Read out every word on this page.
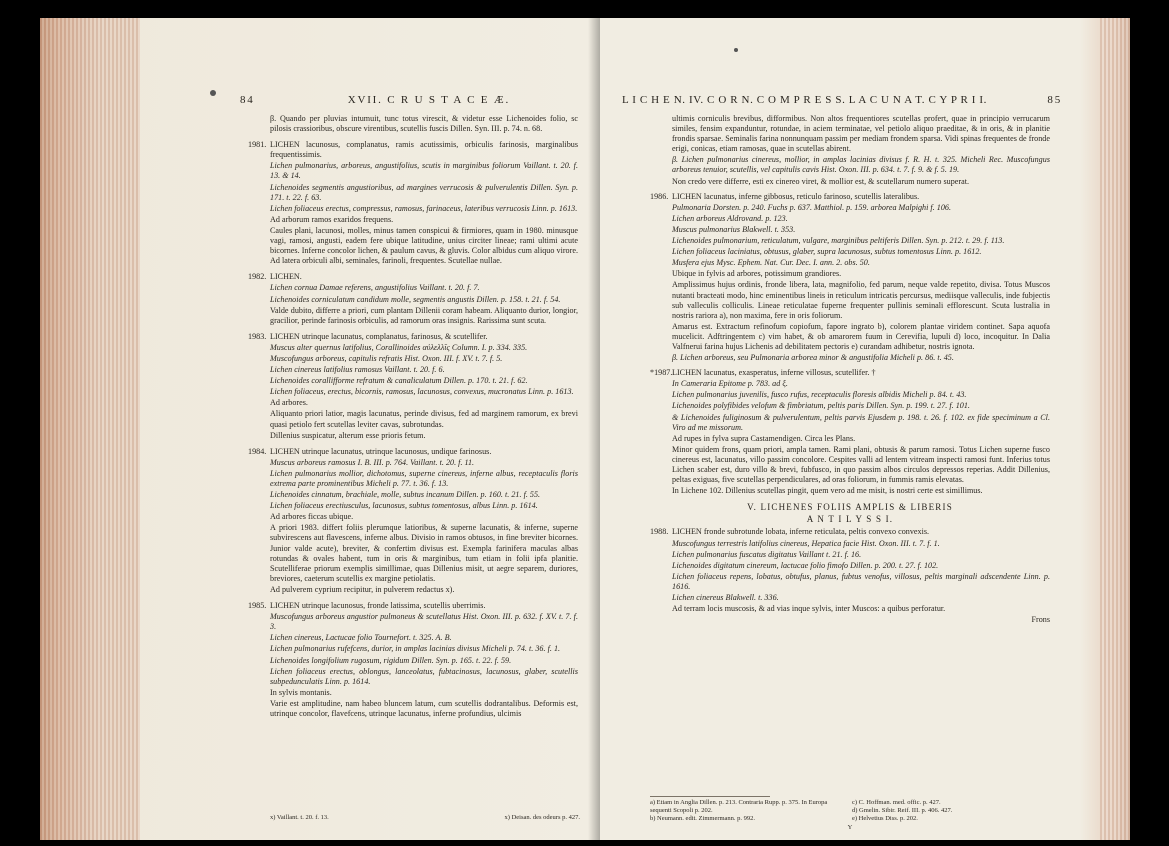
84	XVII. C R U S T A C E Æ.

β. Quando per pluvias intumuit, tunc totus virescit, & videtur esse Lichenoides folio, sc pilosis crassioribus, obscure virentibus, scutellis fuscis Dillen. Syn. III. p. 74. n. 68.

1981. LICHEN lacunosus, complanatus, ramis acutissimis, orbiculis farinosis, marginalibus frequentissimis.

Lichen pulmonarius, arboreus, angustifolius, scutis in marginibus foliorum Vaillant. t. 20. f. 13. & 14.

Lichenoides segmentis angustioribus, ad margines verrucosis & pulverulentis Dillen. Syn. p. 171. t. 22. f. 63.

Lichen foliaceus erectus, compressus, ramosus, farinaceus, lateribus verrucosis Linn. p. 1613.

Ad arborum ramos exaridos frequens.

Caules plani, lacunosi, molles, minus tamen conspicui & firmiores, quam in 1980. minusque vagi, ramosi, angusti, eadem fere ubique latitudine, unius circiter lineae; rami ultimi acute bicornes. Inferne concolor lichen, & paulum cavus, & gluvis. Color albidus cum aliquo virore. Ad latera orbiculi albi, seminales, farinoli, frequentes. Scutellae nullae.

1982. LICHEN.

Lichen cornua Damae referens, angustifolius Vaillant. t. 20. f. 7.

Lichenoides corniculatum candidum molle, segmentis angustis Dillen. p. 158. t. 21. f. 54.

Valde dubito, differre a priori, cum plantam Dillenii coram habeam. Aliquanto durior, longior, gracilior, perinde farinosis orbiculis, ad ramorum oras insignis. Rarissima sunt scuta.

1983. LICHEN utrinque lacunatus, complanatus, farinosus, & scutellifer.

Muscus alter quernus latifolius, Corallinoides αὐλελλῖς Column. I. p. 334. 335.

Muscofungus arboreus, capitulis refratis Hist. Oxon. III. f. XV. t. 7. f. 5.

Lichen cinereus latifolius ramosus Vaillant. t. 20. f. 6.

Lichenoides corallifforme refratum & canaliculatum Dillen. p. 170. t. 21. f. 62.

Lichen foliaceus, erectus, bicornis, ramosus, lacunosus, convexus, mucronatus Linn. p. 1613.

Ad arbores.

Aliquanto priori latior, magis lacunatus, perinde divisus, fed ad marginem ramorum, ex brevi quasi petiolo fert scutellas leviter cavas, subrotundas.

Dillenius suspicatur, alterum esse prioris fetum.

1984. LICHEN utrinque lacunatus, utrinque lacunosus, undique farinosus.

Muscus arboreus ramosus I. B. III. p. 764. Vaillant. t. 20. f. 11.

Lichen pulmonarius mollior, dichotomus, superne cinereus, inferne albus, receptaculis floris extrema parte prominentibus Micheli p. 77. t. 36. f. 13.

Lichenoides cinnatum, brachiale, molle, subtus incanum Dillen. p. 160. t. 21. f. 55.

Lichen foliaceus erectiusculus, lacunosus, subtus tomentosus, albus Linn. p. 1614.

Ad arbores ficcas ubique.

A priori 1983. differt foliis plerumque latioribus, & superne lacunatis, & inferne, superne subvirescens aut flavescens, inferne albus. Divisio in ramos obtusos, in fine breviter bicornes. Junior valde acute), breviter, & confertim divisus est. Exempla farinifera maculas albas rotundas & ovales habent, tum in oris & marginibus, tum etiam in folii ipfa planitie. Scutelliferae priorum exemplis simillimae, quas Dillenius misit, ut aegre separem, duriores, breviores, caeterum scutellis ex margine petiolatis.

Ad pulverem cyprium recipitur, in pulverem redactus x).

1985. LICHEN utrinque lacunosus, fronde latissima, scutellis uberrimis.

Muscofungus arboreus angustior pulmoneus & scutellatus Hist. Oxon. III. p. 632. f. XV. t. 7. f. 3.

Lichen cinereus, Lactucae folio Tournefort. t. 325. A. B.

Lichen pulmonarius rufefcens, durior, in amplas lacinias divisus Micheli p. 74. t. 36. f. 1.

Lichenoides longifolium rugosum, rigidum Dillen. Syn. p. 165. t. 22. f. 59.

Lichen foliaceus erectus, oblongus, lanceolatus, fubtacinosus, lacunosus, glaber, scutellis subpedunculatis Linn. p. 1614.

In sylvis montanis.

Varie est amplitudine, nam habeo bluncem latum, cum scutellis dodrantalibus. Deformis est, utrinque concolor, flavefcens, utrinque lacunatus, inferne profundius, ulcimis

x) Vaillant. t. 20. f. 13.	x) Deisan. des odeurs p. 427.
L I C H E N. IV. C O R N. C O M P R E S S. L A C U N A T. C Y P R I I.	85

ultimis corniculis brevibus, difformibus. Non altos frequentiores scutellas profert, quae in principio verrucarum similes, fensim expanduntur, rotundae, in aciem terminatae, vel petiolo aliquo praeditae, & in oris, & in planitie frondis sparsae. Seminalis farina nonnunquam passim per mediam frondem sparsa. Vidi spinas frequentes de fronde erigi, conicas, etiam ramosas, quae in scutellas abirent.

β. Lichen pulmonarius cinereus, mollior, in amplas lacinias divisus f. R. H. t. 325. Micheli Rec. Muscofungus arboreus tenuior, scutellis, vel capitulis cavis Hist. Oxon. III. p. 634. t. 7. f. 9. & f. 5. 19.

Non credo vere differre, esti ex cinereo viret, & mollior est, & scutellarum numero superat.

1986. LICHEN lacunatus, inferne gibbosus, reticulo farinoso, scutellis lateralibus.

Pulmonaria Dorsten. p. 240. Fuchs p. 637. Matthiol. p. 159. arborea Malpighi f. 106.

Lichen arboreus Aldrovand. p. 123.

Muscus pulmonarius Blakwell. t. 353.

Lichenoides pulmonarium, reticulatum, vulgare, marginibus peltiferis Dillen. Syn. p. 212. t. 29. f. 113.

Lichen foliaceus laciniatus, obtusus, glaber, supra lacunosus, subtus tomentosus Linn. p. 1612.

Musfera ejus Mysc. Ephem. Nat. Cur. Dec. I. ann. 2. obs. 50.

Ubique in fylvis ad arbores, potissimum grandiores.

Amplissimus hujus ordinis, fronde libera, lata, magnifolio, fed parum, neque valde repetito, divisa. Totus Muscos nutanti bracteati modo, hinc eminentibus lineis in reticulum intricatis percursus, mediisque valleculis, inde fubjectis sub valleculis colliculis. Lineae reticulatae fuperne frequenter pullinis seminali efflorescunt. Scuta lustralia in nostris rariora a), non maxima, fere in oris foliorum.

Amarus est. Extractum refinofum copiofum, fapore ingrato b), colorem plantae viridem continet. Sapa aquofa mucelicit. Adftringentem c) vim habet, & ob amarorem fuum in Cerevifia, lupuli d) loco, incoquitur. In Dalia Valfnerui farina hujus Lichenis ad debilitatem pectoris e) curandam adhibetur, nostris ignota.

β. Lichen arboreus, seu Pulmonaria arborea minor & angustifolia Micheli p. 86. t. 45.

*1987.LICHEN lacunatus, exasperatus, inferne villosus, scutellifer. †

In Cameraria Epitome p. 783. ad ξ.

Lichen pulmonarius juvenilis, fusco rufus, receptaculis floresis albidis Micheli p. 84. t. 43.

Lichenoides polyfibides velofum & fimbriatum, peltis paris Dillen. Syn. p. 199. t. 27. f. 101.

& Lichenoides fuliginosum & pulverulentum, peltis parvis Ejusdem p. 198. t. 26. f. 102. ex fide speciminum a Cl. Viro ad me missorum.

Ad rupes in fylva supra Castamendigen. Circa les Plans.

Minor quidem frons, quam priori, ampla tamen. Rami plani, obtusis & parum ramosi. Totus Lichen superne fusco cinereus est, lacunatus, villo passim concolore. Cespites valli ad lentem vitream inspecti ramosi funt. Inferius totus Lichen scaber est, duro villo & brevi, fubfusco, in quo passim albos circulos depressos reperias. Addit Dillenius, peltas exiguas, five scutellas perpendiculares, ad oras foliorum, in fummis ramis elevatas.

In Lichene 102. Dillenius scutellas pingit, quem vero ad me misit, is nostri certe est simillimus.

V. LICHENES FOLIIS AMPLIS & LIBERIS
A N T I L Y S S I.

1988. LICHEN fronde subrotunde lobata, inferne reticulata, peltis convexo convexis.

Muscofungus terrestris latifolius cinereus, Hepatica facie Hist. Oxon. III. t. 7. f. 1.

Lichen pulmonarius fuscatus digitatus Vaillant t. 21. f. 16.

Lichenoides digitatum cinereum, lactucae folio fimofo Dillen. p. 200. t. 27. f. 102.

Lichen foliaceus repens, lobatus, obtufus, planus, fubtus venofus, villosus, peltis marginali adscendente Linn. p. 1616.

Lichen cinereus Blakwell. t. 336.

Ad terram locis muscosis, & ad vias inque sylvis, inter Muscos: a quibus perforatur.

Frons

a) Etiam in Anglia Dillen. p. 213. Contraria Rupp. p. 375. In Europa sequenti Scopoli p. 202.
b) Neumann. edit. Zimmermann. p. 992.
c) C. Hoffman. med. offic. p. 427.
d) Gmelin. Sibir. Reif. III. p. 406. 427.
e) Helvetius Diss. p. 202.
Y
